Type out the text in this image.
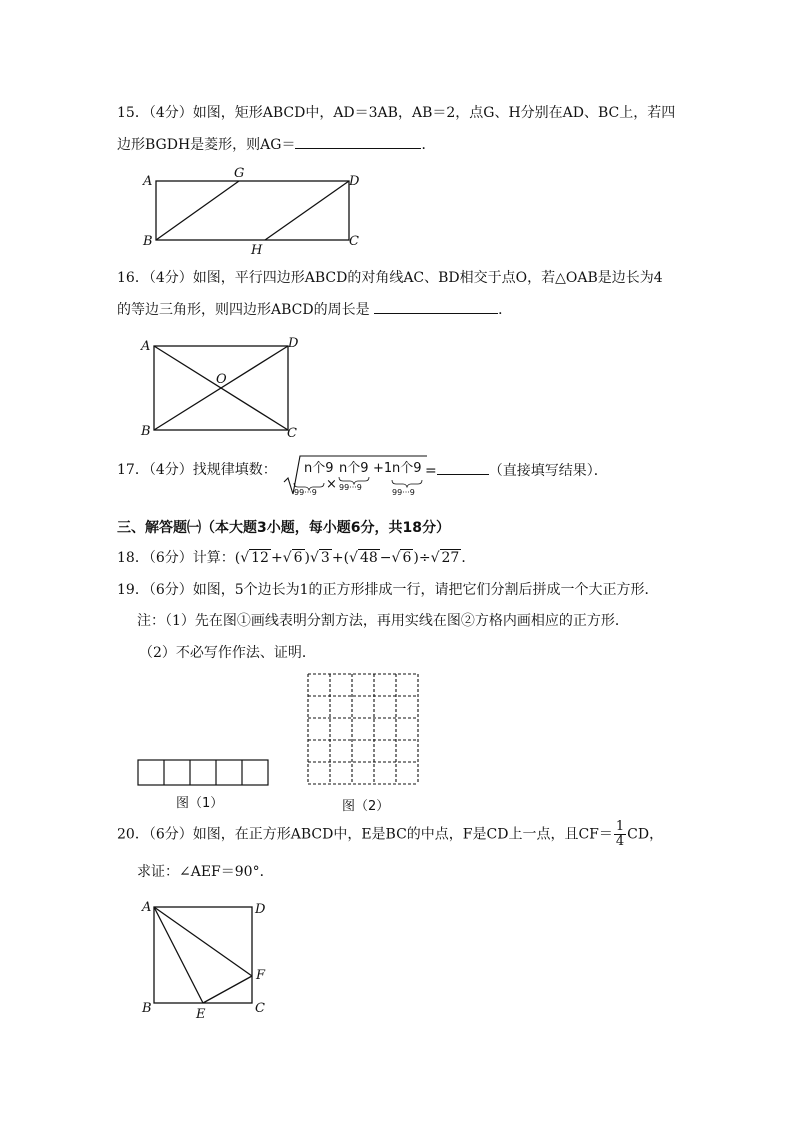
15．（4分）如图，矩形ABCD中，AD＝3AB，AB＝2，点G、H分别在AD、BC上，若四
边形BGDH是菱形，则AG＝	．
A
G
D
B
H
C
16．（4分）如图，平行四边形ABCD的对角线AC、BD相交于点O，若△OAB是边长为4
的等边三角形，则四边形ABCD的周长是	．
A	D
O
B	C
17．（4分）找规律填数： n个9
99···9
×
n个9
99···9
+1 n个9
99···9
=	（直接填写结果）．
三、解答题㈠（本大题3小题，每小题6分，共18分）
18．（6分）计算：(√ 12 +√ 6 )√ 3 +(√ 48 −√ 6 )÷√ 27 ．
19．（6分）如图，5个边长为1的正方形排成一行，请把它们分割后拼成一个大正方形．
注：（1）先在图①画线表明分割方法，再用实线在图②方格内画相应的正方形．
（2）不必写作作法、证明．
图（1）	图（2）
20．（6分）如图，在正方形ABCD中，E是BC的中点，F是CD上一点，且$CF= \frac{1}{4}$ CD，
求证：∠AEF＝90°．
A	D
F
B	E	C
